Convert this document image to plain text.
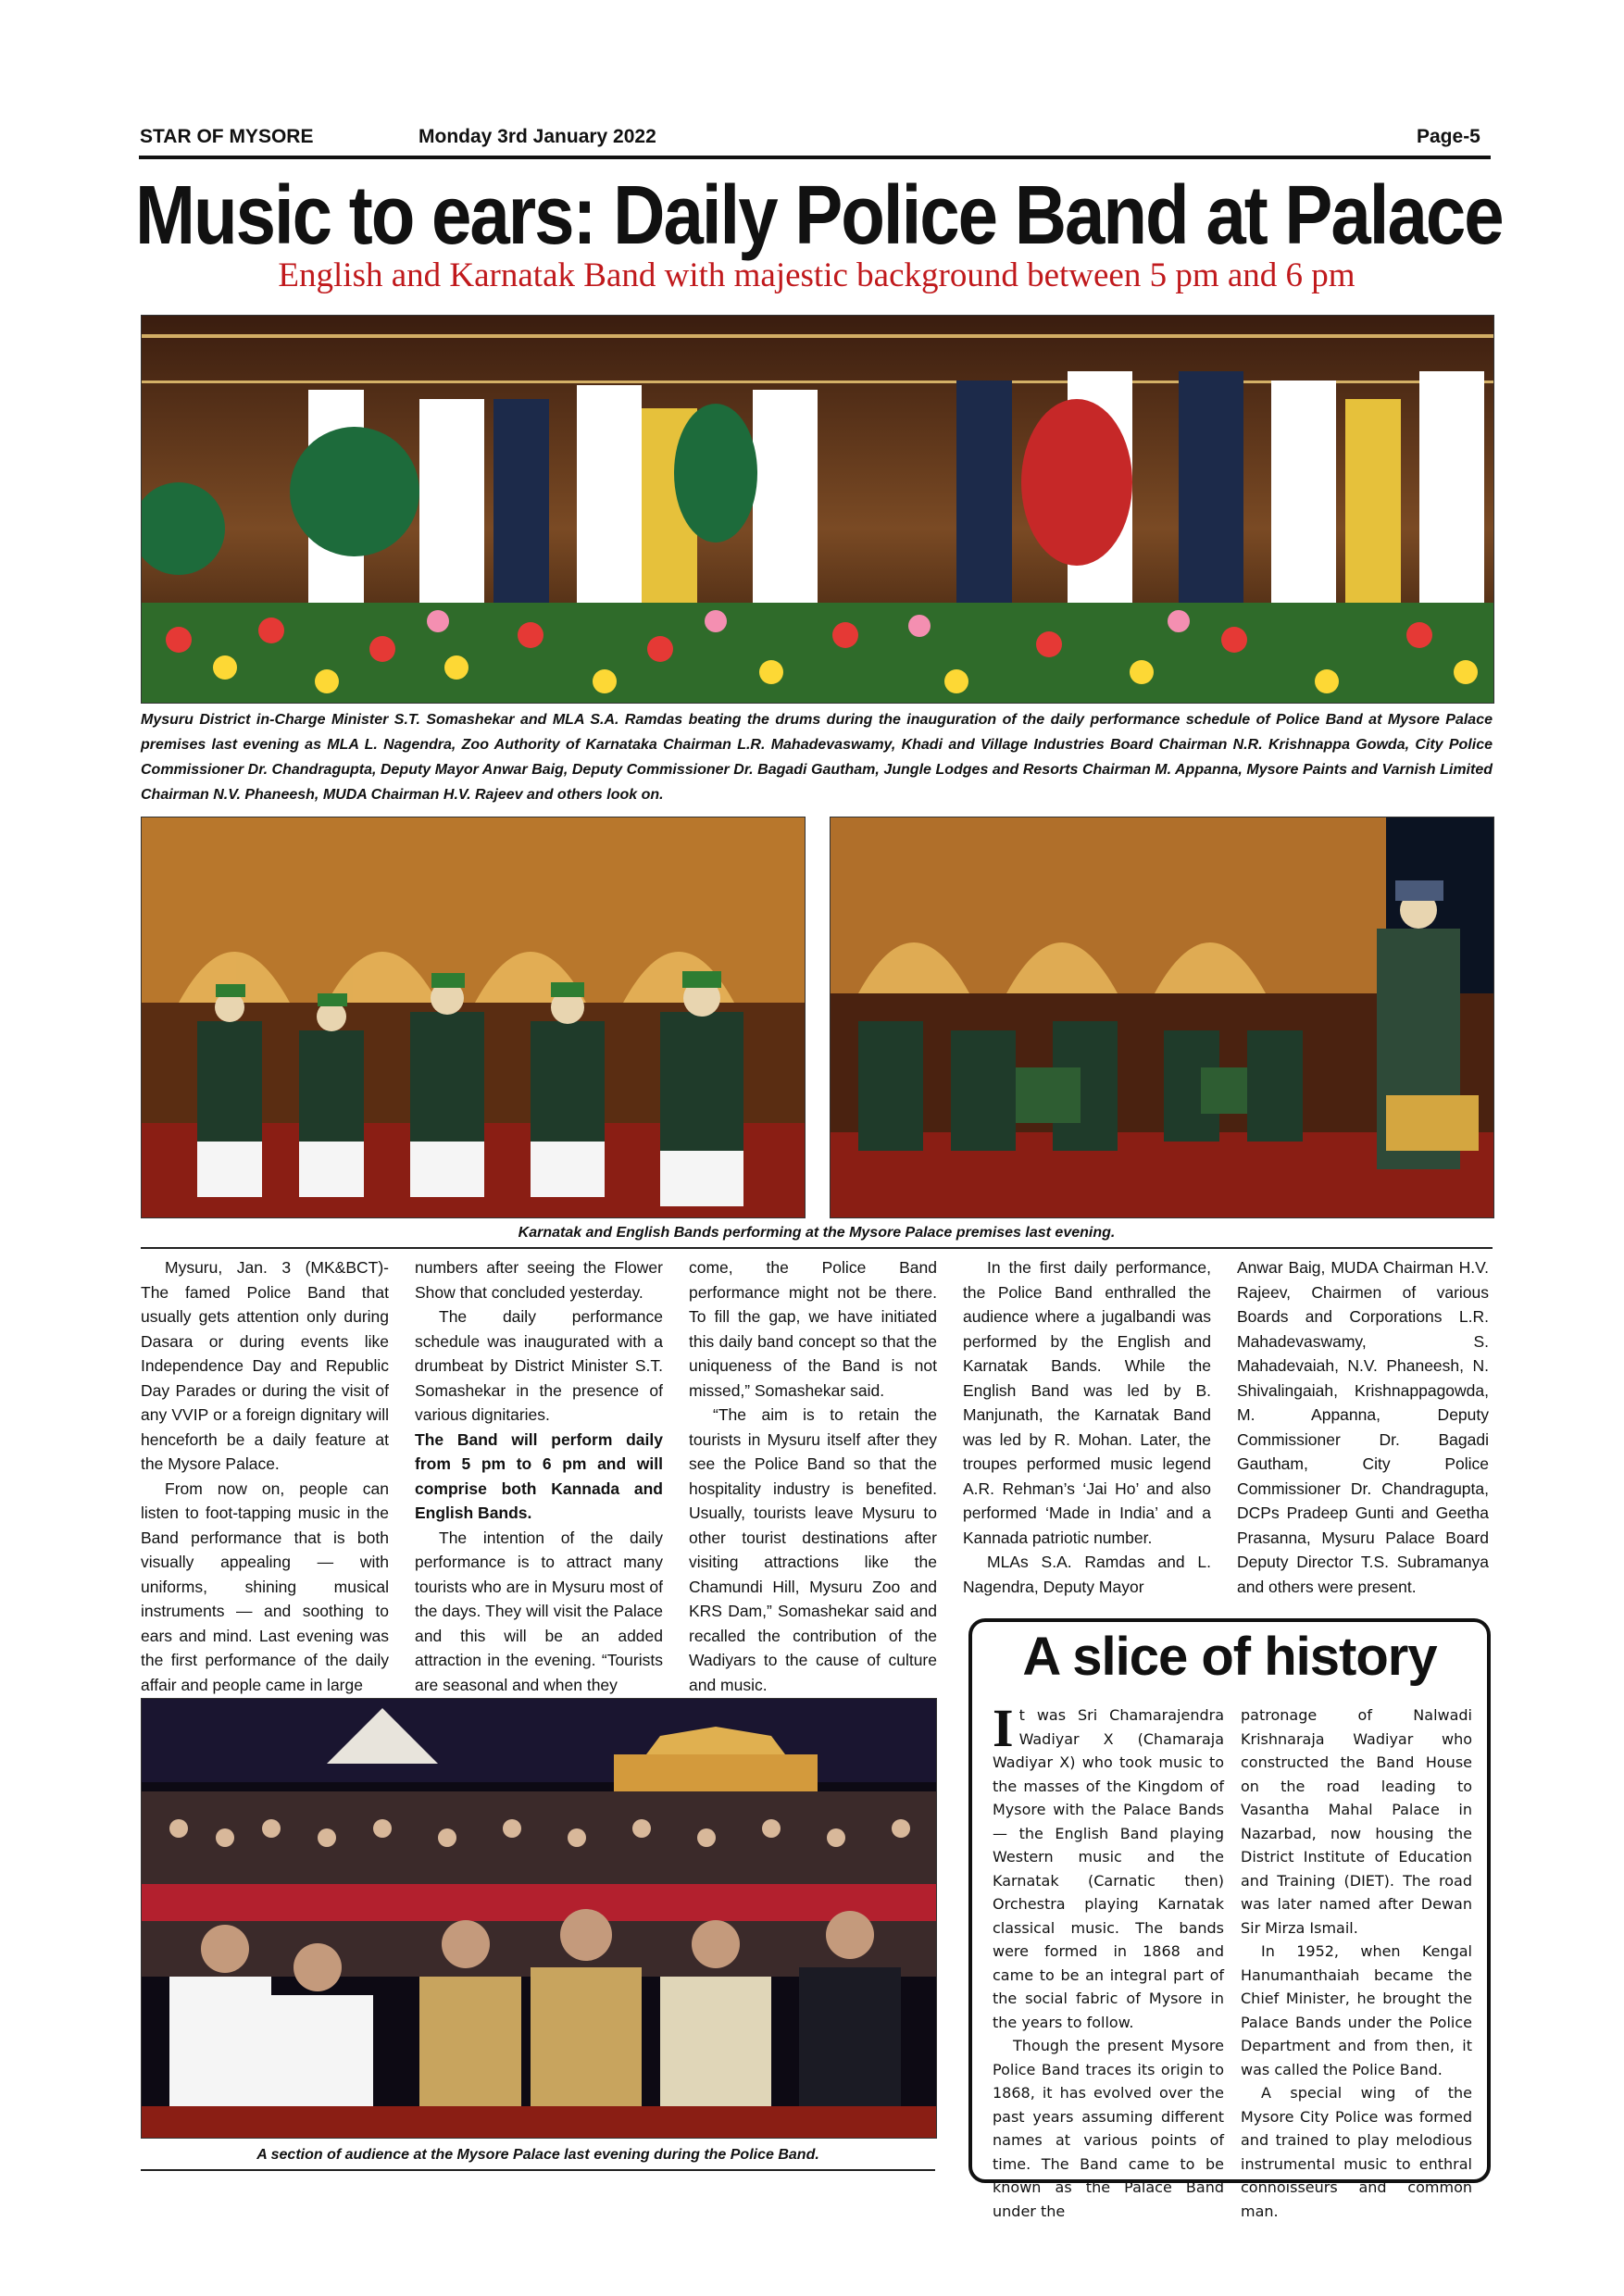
STAR OF MYSORE	Monday 3rd January 2022	Page-5
Music to ears: Daily Police Band at Palace
English and Karnatak Band with majestic background between 5 pm and 6 pm
Mysuru District in-Charge Minister S.T. Somashekar and MLA S.A. Ramdas beating the drums during the inauguration of the daily performance schedule of Police Band at Mysore Palace premises last evening as MLA L. Nagendra, Zoo Authority of Karnataka Chairman L.R. Mahadevaswamy, Khadi and Village Industries Board Chairman N.R. Krishnappa Gowda, City Police Commissioner Dr. Chandragupta, Deputy Mayor Anwar Baig, Deputy Commissioner Dr. Bagadi Gautham, Jungle Lodges and Resorts Chairman M. Appanna, Mysore Paints and Varnish Limited Chairman N.V. Phaneesh, MUDA Chairman H.V. Rajeev and others look on.
Karnatak and English Bands performing at the Mysore Palace premises last evening.

Mysuru, Jan. 3 (MK&BCT)- The famed Police Band that usually gets attention only during Dasara or during events like Independence Day and Republic Day Parades or during the visit of any VVIP or a foreign dignitary will henceforth be a daily feature at the Mysore Palace.

From now on, people can listen to foot-tapping music in the Band performance that is both visually appealing — with uniforms, shining musical instruments — and soothing to ears and mind. Last evening was the first performance of the daily affair and people came in large

numbers after seeing the Flower Show that concluded yesterday.

The daily performance schedule was inaugurated with a drumbeat by District Minister S.T. Somashekar in the presence of various dignitaries.

The Band will perform daily from 5 pm to 6 pm and will comprise both Kannada and English Bands.

The intention of the daily performance is to attract many tourists who are in Mysuru most of the days. They will visit the Palace and this will be an added attraction in the evening. “Tourists are seasonal and when they

come, the Police Band performance might not be there. To fill the gap, we have initiated this daily band concept so that the uniqueness of the Band is not missed,” Somashekar said.

“The aim is to retain the tourists in Mysuru itself after they see the Police Band so that the hospitality industry is benefited. Usually, tourists leave Mysuru to other tourist destinations after visiting attractions like the Chamundi Hill, Mysuru Zoo and KRS Dam,” Somashekar said and recalled the contribution of the Wadiyars to the cause of culture and music.

In the first daily performance, the Police Band enthralled the audience where a jugalbandi was performed by the English and Karnatak Bands. While the English Band was led by B. Manjunath, the Karnatak Band was led by R. Mohan. Later, the troupes performed music legend A.R. Rehman’s ‘Jai Ho’ and also performed ‘Made in India’ and a Kannada patriotic number.

MLAs S.A. Ramdas and L. Nagendra, Deputy Mayor

Anwar Baig, MUDA Chairman H.V. Rajeev, Chairmen of various Boards and Corporations L.R. Mahadevaswamy, S. Mahadevaiah, N.V. Phaneesh, N. Shivalingaiah, Krishnappagowda, M. Appanna, Deputy Commissioner Dr. Bagadi Gautham, City Police Commissioner Dr. Chandragupta, DCPs Pradeep Gunti and Geetha Prasanna, Mysuru Palace Board Deputy Director T.S. Subramanya and others were present.

A section of audience at the Mysore Palace last evening during the Police Band.
A slice of history

It was Sri Chamarajendra Wadiyar X (Chamaraja Wadiyar X) who took music to the masses of the Kingdom of Mysore with the Palace Bands — the English Band playing Western music and the Karnatak (Carnatic then) Orchestra playing Karnatak classical music. The bands were formed in 1868 and came to be an integral part of the social fabric of Mysore in the years to follow.

Though the present Mysore Police Band traces its origin to 1868, it has evolved over the past years assuming different names at various points of time. The Band came to be known as the Palace Band under the

patronage of Nalwadi Krishnaraja Wadiyar who constructed the Band House on the road leading to Vasantha Mahal Palace in Nazarbad, now housing the District Institute of Education and Training (DIET). The road was later named after Dewan Sir Mirza Ismail.

In 1952, when Kengal Hanumanthaiah became the Chief Minister, he brought the Palace Bands under the Police Department and from then, it was called the Police Band.

A special wing of the Mysore City Police was formed and trained to play melodious instrumental music to enthral connoisseurs and common man.
